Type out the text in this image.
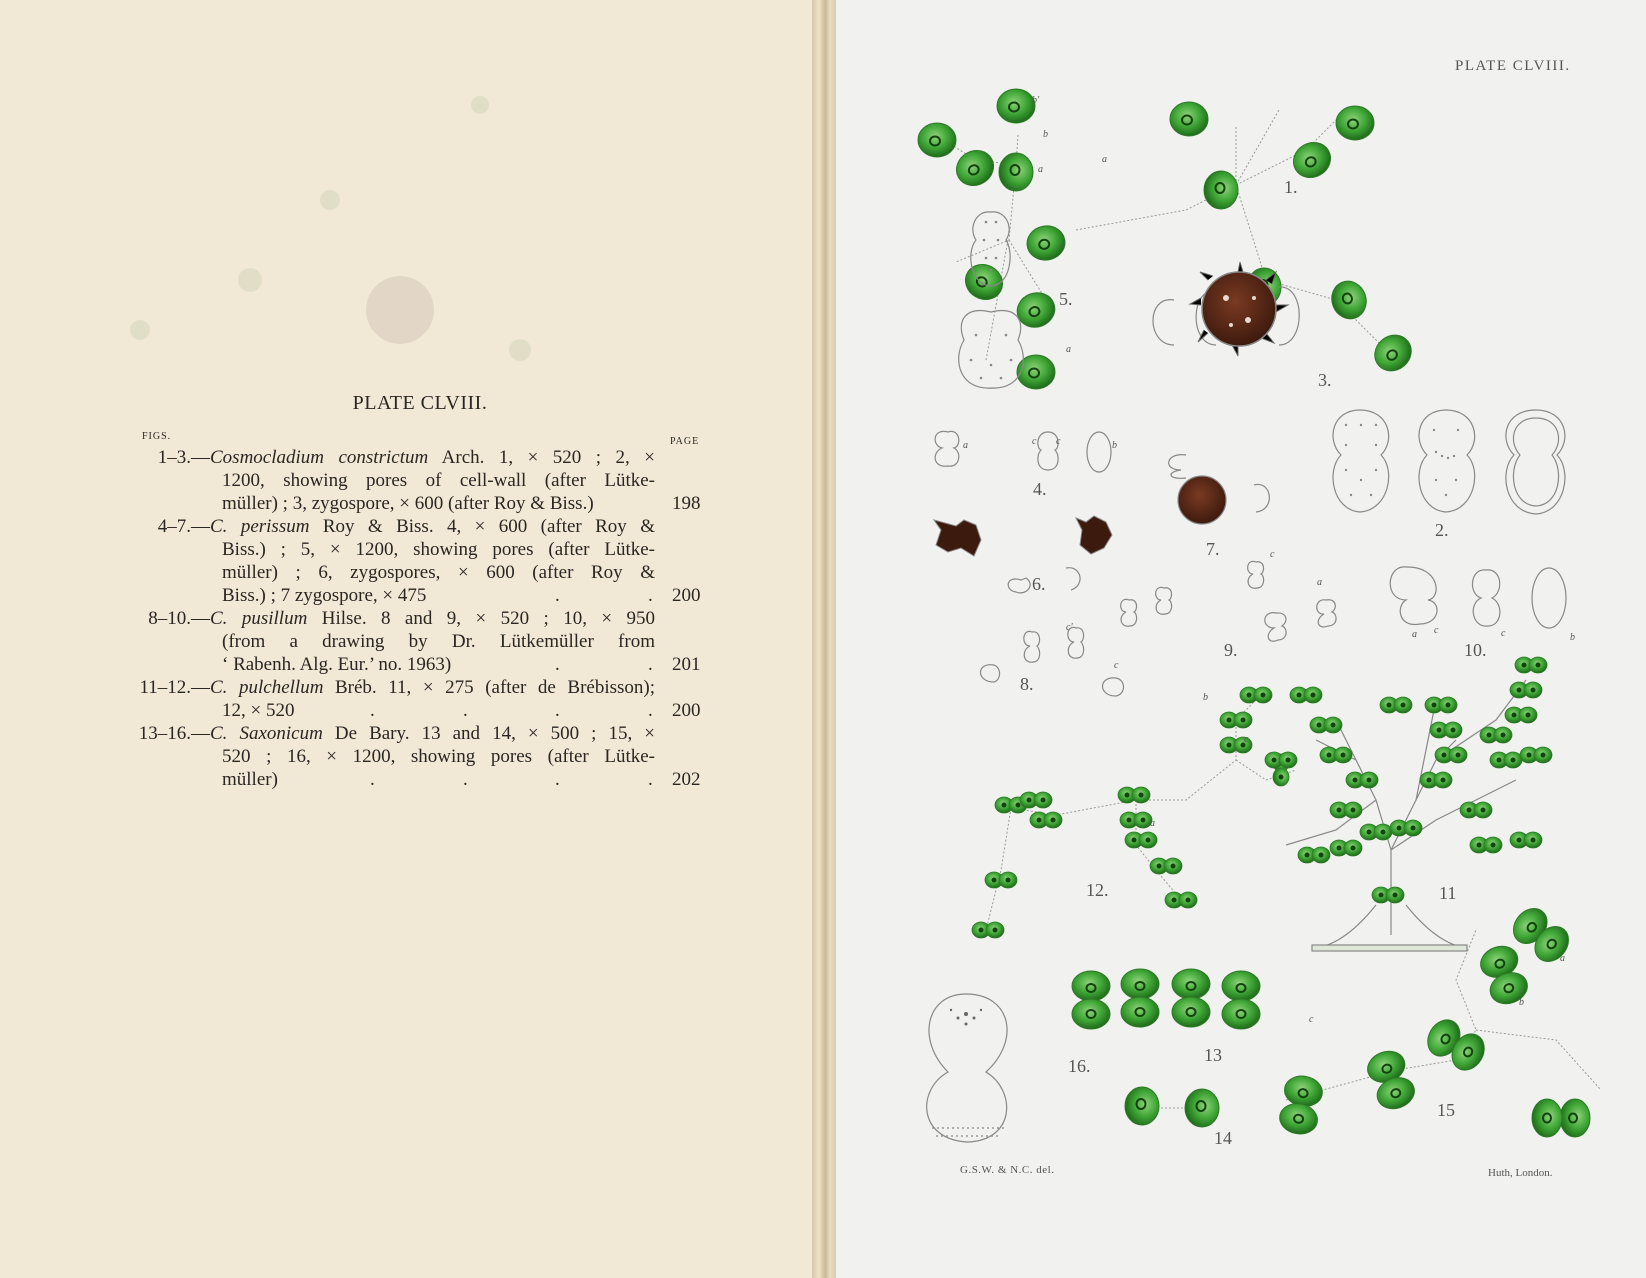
PLATE CLVIII.
FIGS.	PAGE
1–3.— Cosmocladium constrictum Arch. 1, × 520 ; 2, ×
1200, showing pores of cell-wall (after Lütke-
müller) ; 3, zygospore, × 600 (after Roy & Biss.)	198
4–7.— C. perissum Roy & Biss. 4, × 600 (after Roy &
Biss.) ; 5, × 1200, showing pores (after Lütke-
müller) ; 6, zygospores, × 600 (after Roy &
Biss.) ; 7 zygospore, × 475	.	. 200
8–10.— C. pusillum Hilse. 8 and 9, × 520 ; 10, × 950
(from a drawing by Dr. Lütkemüller from
‘ Rabenh. Alg. Eur.’ no. 1963)	.	. 201
11–12.— C. pulchellum Bréb. 11, × 275 (after de Brébisson);
12, × 520	.	.	.	. 200
13–16.— C. Saxonicum De Bary. 13 and 14, × 500 ; 15, ×
520 ; 16, × 1200, showing pores (after Lütke-
müller)	.	.	.	. 202
PLATE CLVIII.
1.
2.
3.
4.
5.
6.
7.
8.
9.	10.
11
12.
13
14
15
16.
b
a
b'
a
c
a
a	c	b
c
c
a
c
a	c	b
c'
c
b
c
a
c
a
b
G.S.W. & N.C. del.	Huth, London.
